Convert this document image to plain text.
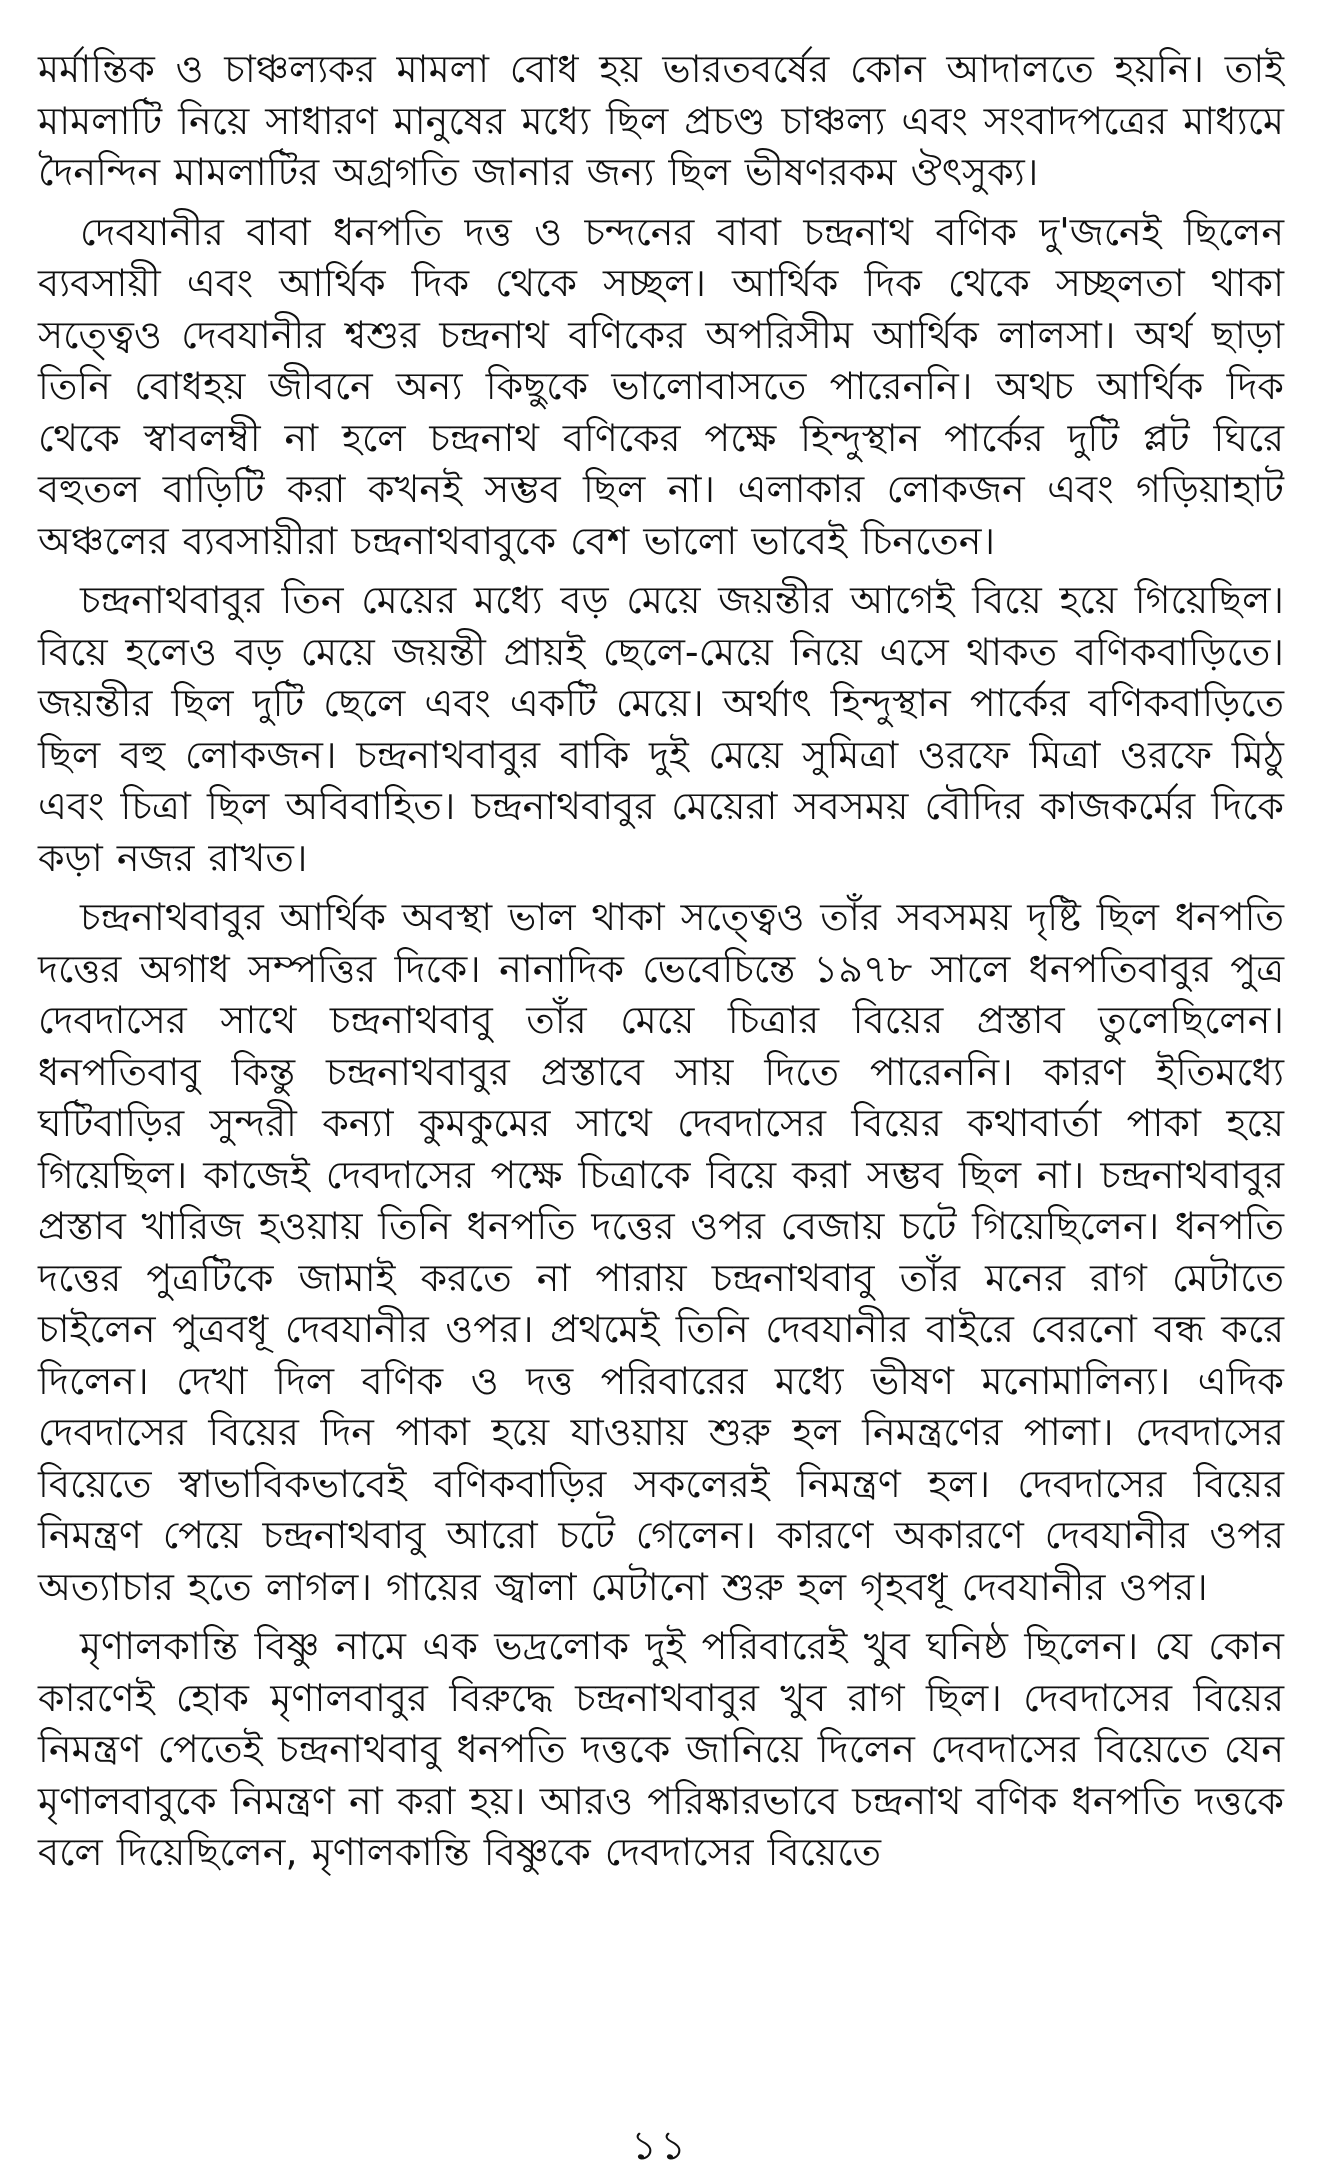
মর্মান্তিক ও চাঞ্চল্যকর মামলা বোধ হয় ভারতবর্ষের কোন আদালতে হয়নি। তাই মামলাটি নিয়ে সাধারণ মানুষের মধ্যে ছিল প্রচণ্ড চাঞ্চল্য এবং সংবাদপত্রের মাধ্যমে দৈনন্দিন মামলাটির অগ্রগতি জানার জন্য ছিল ভীষণরকম ঔৎসুক্য।

দেবযানীর বাবা ধনপতি দত্ত ও চন্দনের বাবা চন্দ্রনাথ বণিক দু'জনেই ছিলেন ব্যবসায়ী এবং আর্থিক দিক থেকে সচ্ছল। আর্থিক দিক থেকে সচ্ছলতা থাকা সত্ত্বেও দেবযানীর শ্বশুর চন্দ্রনাথ বণিকের অপরিসীম আর্থিক লালসা। অর্থ ছাড়া তিনি বোধহয় জীবনে অন্য কিছুকে ভালোবাসতে পারেননি। অথচ আর্থিক দিক থেকে স্বাবলম্বী না হলে চন্দ্রনাথ বণিকের পক্ষে হিন্দুস্থান পার্কের দুটি প্লট ঘিরে বহুতল বাড়িটি করা কখনই সম্ভব ছিল না। এলাকার লোকজন এবং গড়িয়াহাট অঞ্চলের ব্যবসায়ীরা চন্দ্রনাথবাবুকে বেশ ভালো ভাবেই চিনতেন।

চন্দ্রনাথবাবুর তিন মেয়ের মধ্যে বড় মেয়ে জয়ন্তীর আগেই বিয়ে হয়ে গিয়েছিল। বিয়ে হলেও বড় মেয়ে জয়ন্তী প্রায়ই ছেলে-মেয়ে নিয়ে এসে থাকত বণিকবাড়িতে। জয়ন্তীর ছিল দুটি ছেলে এবং একটি মেয়ে। অর্থাৎ হিন্দুস্থান পার্কের বণিকবাড়িতে ছিল বহু লোকজন। চন্দ্রনাথবাবুর বাকি দুই মেয়ে সুমিত্রা ওরফে মিত্রা ওরফে মিঠু এবং চিত্রা ছিল অবিবাহিত। চন্দ্রনাথবাবুর মেয়েরা সবসময় বৌদির কাজকর্মের দিকে কড়া নজর রাখত।

চন্দ্রনাথবাবুর আর্থিক অবস্থা ভাল থাকা সত্ত্বেও তাঁর সবসময় দৃষ্টি ছিল ধনপতি দত্তের অগাধ সম্পত্তির দিকে। নানাদিক ভেবেচিন্তে ১৯৭৮ সালে ধনপতিবাবুর পুত্র দেবদাসের সাথে চন্দ্রনাথবাবু তাঁর মেয়ে চিত্রার বিয়ের প্রস্তাব তুলেছিলেন। ধনপতিবাবু কিন্তু চন্দ্রনাথবাবুর প্রস্তাবে সায় দিতে পারেননি। কারণ ইতিমধ্যে ঘটিবাড়ির সুন্দরী কন্যা কুমকুমের সাথে দেবদাসের বিয়ের কথাবার্তা পাকা হয়ে গিয়েছিল। কাজেই দেবদাসের পক্ষে চিত্রাকে বিয়ে করা সম্ভব ছিল না। চন্দ্রনাথবাবুর প্রস্তাব খারিজ হওয়ায় তিনি ধনপতি দত্তের ওপর বেজায় চটে গিয়েছিলেন। ধনপতি দত্তের পুত্রটিকে জামাই করতে না পারায় চন্দ্রনাথবাবু তাঁর মনের রাগ মেটাতে চাইলেন পুত্রবধূ দেবযানীর ওপর। প্রথমেই তিনি দেবযানীর বাইরে বেরনো বন্ধ করে দিলেন। দেখা দিল বণিক ও দত্ত পরিবারের মধ্যে ভীষণ মনোমালিন্য। এদিক দেবদাসের বিয়ের দিন পাকা হয়ে যাওয়ায় শুরু হল নিমন্ত্রণের পালা। দেবদাসের বিয়েতে স্বাভাবিকভাবেই বণিকবাড়ির সকলেরই নিমন্ত্রণ হল। দেবদাসের বিয়ের নিমন্ত্রণ পেয়ে চন্দ্রনাথবাবু আরো চটে গেলেন। কারণে অকারণে দেবযানীর ওপর অত্যাচার হতে লাগল। গায়ের জ্বালা মেটানো শুরু হল গৃহবধূ দেবযানীর ওপর।

মৃণালকান্তি বিষ্ণু নামে এক ভদ্রলোক দুই পরিবারেই খুব ঘনিষ্ঠ ছিলেন। যে কোন কারণেই হোক মৃণালবাবুর বিরুদ্ধে চন্দ্রনাথবাবুর খুব রাগ ছিল। দেবদাসের বিয়ের নিমন্ত্রণ পেতেই চন্দ্রনাথবাবু ধনপতি দত্তকে জানিয়ে দিলেন দেবদাসের বিয়েতে যেন মৃণালবাবুকে নিমন্ত্রণ না করা হয়। আরও পরিষ্কারভাবে চন্দ্রনাথ বণিক ধনপতি দত্তকে বলে দিয়েছিলেন, মৃণালকান্তি বিষ্ণুকে দেবদাসের বিয়েতে

১১
